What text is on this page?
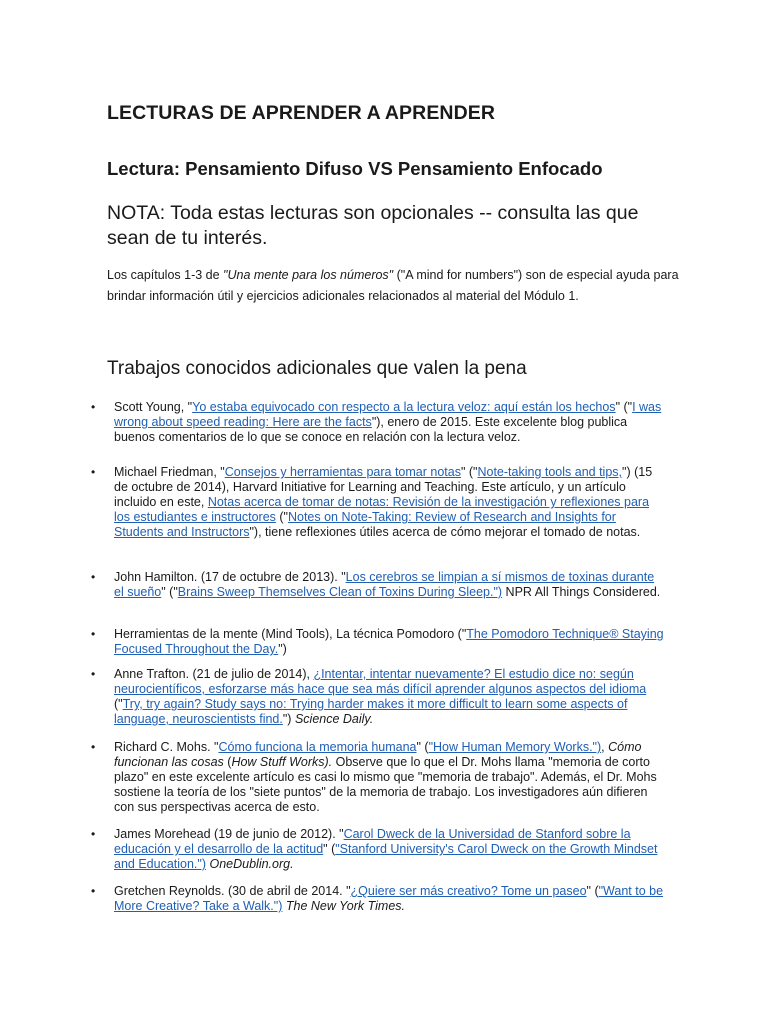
LECTURAS DE APRENDER A APRENDER
Lectura: Pensamiento Difuso VS Pensamiento Enfocado

NOTA: Toda estas lecturas son opcionales -- consulta las que sean de tu interés.

Los capítulos 1-3 de "Una mente para los números" ("A mind for numbers") son de especial ayuda para brindar información útil y ejercicios adicionales relacionados al material del Módulo 1.

Trabajos conocidos adicionales que valen la pena
• Scott Young, "Yo estaba equivocado con respecto a la lectura veloz: aquí están los hechos" ("I was wrong about speed reading: Here are the facts"), enero de 2015. Este excelente blog publica buenos comentarios de lo que se conoce en relación con la lectura veloz.
• Michael Friedman, "Consejos y herramientas para tomar notas" ("Note-taking tools and tips,") (15 de octubre de 2014), Harvard Initiative for Learning and Teaching. Este artículo, y un artículo incluido en este, Notas acerca de tomar de notas: Revisión de la investigación y reflexiones para los estudiantes e instructores ("Notes on Note-Taking: Review of Research and Insights for Students and Instructors"), tiene reflexiones útiles acerca de cómo mejorar el tomado de notas.
• John Hamilton. (17 de octubre de 2013). "Los cerebros se limpian a sí mismos de toxinas durante el sueño" ("Brains Sweep Themselves Clean of Toxins During Sleep.") NPR All Things Considered.
• Herramientas de la mente (Mind Tools), La técnica Pomodoro ("The Pomodoro Technique® Staying Focused Throughout the Day.")
• Anne Trafton. (21 de julio de 2014), ¿Intentar, intentar nuevamente? El estudio dice no: según neurocientíficos, esforzarse más hace que sea más difícil aprender algunos aspectos del idioma ("Try, try again? Study says no: Trying harder makes it more difficult to learn some aspects of language, neuroscientists find.") Science Daily.
• Richard C. Mohs. "Cómo funciona la memoria humana" ("How Human Memory Works."), Cómo funcionan las cosas (How Stuff Works). Observe que lo que el Dr. Mohs llama "memoria de corto plazo" en este excelente artículo es casi lo mismo que "memoria de trabajo". Además, el Dr. Mohs sostiene la teoría de los "siete puntos" de la memoria de trabajo. Los investigadores aún difieren con sus perspectivas acerca de esto.
• James Morehead (19 de junio de 2012). "Carol Dweck de la Universidad de Stanford sobre la educación y el desarrollo de la actitud" ("Stanford University's Carol Dweck on the Growth Mindset and Education.") OneDublin.org.
• Gretchen Reynolds. (30 de abril de 2014. "¿Quiere ser más creativo? Tome un paseo" ("Want to be More Creative? Take a Walk.") The New York Times.
